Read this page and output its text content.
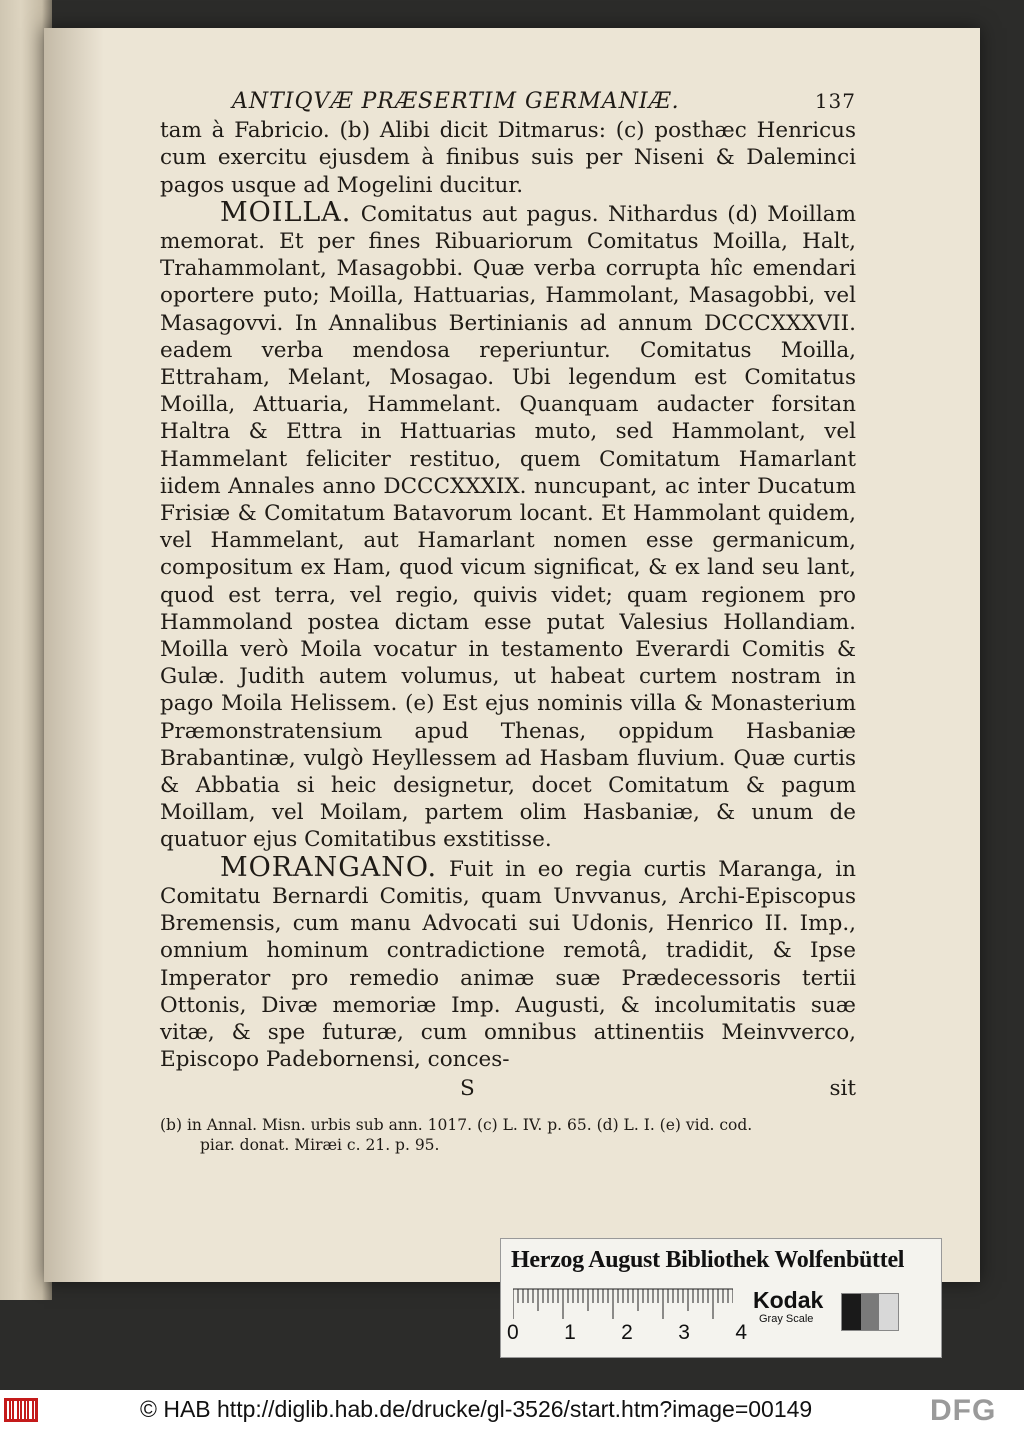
ANTIQVÆ PRÆSERTIM GERMANIÆ.	137

tam à Fabricio. (b) Alibi dicit Ditmarus: (c) posthæc Henricus cum exercitu ejusdem à finibus suis per Niseni & Daleminci pagos usque ad Mogelini ducitur.

MOILLA. Comitatus aut pagus. Nithardus (d) Moillam memorat. Et per fines Ribuariorum Comitatus Moilla, Halt, Trahammolant, Masagobbi. Quæ verba corrupta hîc emendari oportere puto; Moilla, Hattuarias, Hammolant, Masagobbi, vel Masagovvi. In Annalibus Bertinianis ad annum DCCCXXXVII. eadem verba mendosa reperiuntur. Comitatus Moilla, Ettraham, Melant, Mosagao. Ubi legendum est Comitatus Moilla, Attuaria, Hammelant. Quanquam audacter forsitan Haltra & Ettra in Hattuarias muto, sed Hammolant, vel Hammelant feliciter restituo, quem Comitatum Hamarlant iidem Annales anno DCCCXXXIX. nuncupant, ac inter Ducatum Frisiæ & Comitatum Batavorum locant. Et Hammolant quidem, vel Hammelant, aut Hamarlant nomen esse germanicum, compositum ex Ham, quod vicum significat, & ex land seu lant, quod est terra, vel regio, quivis videt; quam regionem pro Hammoland postea dictam esse putat Valesius Hollandiam. Moilla verò Moila vocatur in testamento Everardi Comitis & Gulæ. Judith autem volumus, ut habeat curtem nostram in pago Moila Helissem. (e) Est ejus nominis villa & Monasterium Præmonstratensium apud Thenas, oppidum Hasbaniæ Brabantinæ, vulgò Heyllessem ad Hasbam fluvium. Quæ curtis & Abbatia si heic designetur, docet Comitatum & pagum Moillam, vel Moilam, partem olim Hasbaniæ, & unum de quatuor ejus Comitatibus exstitisse.

MORANGANO. Fuit in eo regia curtis Maranga, in Comitatu Bernardi Comitis, quam Unvvanus, Archi-Episcopus Bremensis, cum manu Advocati sui Udonis, Henrico II. Imp., omnium hominum contradictione remotâ, tradidit, & Ipse Imperator pro remedio animæ suæ Prædecessoris tertii Ottonis, Divæ memoriæ Imp. Augusti, & incolumitatis suæ vitæ, & spe futuræ, cum omnibus attinentiis Meinvverco, Episcopo Padebornensi, conces-

S	sit
(b) in Annal. Misn. urbis sub ann. 1017. (c) L. IV. p. 65. (d) L. I. (e) vid. cod.
piar. donat. Miræi c. 21. p. 95.
Herzog August Bibliothek Wolfenbüttel
0 1 2 3 4
Kodak
Gray Scale
© HAB http://diglib.hab.de/drucke/gl-3526/start.htm?image=00149	DFG
